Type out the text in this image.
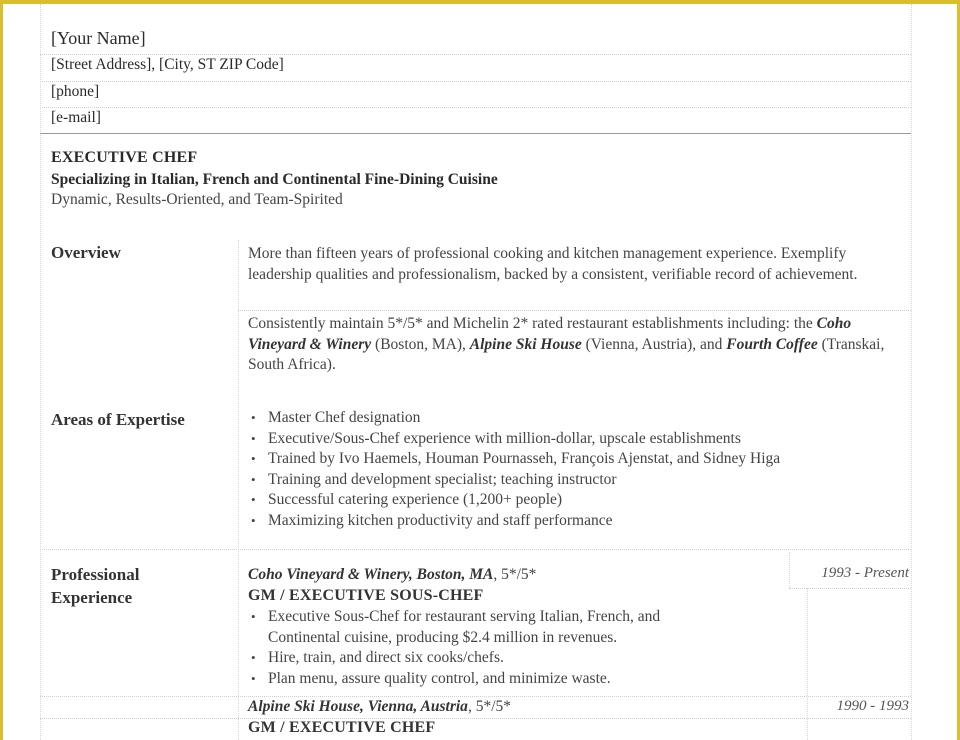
[Your Name]
[Street Address], [City, ST ZIP Code]
[phone]
[e-mail]
EXECUTIVE CHEF
Specializing in Italian, French and Continental Fine-Dining Cuisine
Dynamic, Results-Oriented, and Team-Spirited
Overview	More than fifteen years of professional cooking and kitchen management experience. Exemplify leadership qualities and professionalism, backed by a consistent, verifiable record of achievement.
Consistently maintain 5*/5* and Michelin 2* rated restaurant establishments including: the Coho Vineyard & Winery (Boston, MA), Alpine Ski House (Vienna, Austria), and Fourth Coffee (Transkai, South Africa).
Areas of Expertise
•	Master Chef designation
• Executive/Sous-Chef experience with million-dollar, upscale establishments
• Trained by Ivo Haemels, Houman Pournasseh, François Ajenstat, and Sidney Higa
• Training and development specialist; teaching instructor
• Successful catering experience (1,200+ people)
• Maximizing kitchen productivity and staff performance
Professional
Experience
Coho Vineyard & Winery, Boston, MA, 5*/5*	1993 - Present
GM / EXECUTIVE SOUS-CHEF
• Executive Sous-Chef for restaurant serving Italian, French, and
Continental cuisine, producing $2.4 million in revenues.
• Hire, train, and direct six cooks/chefs.
• Plan menu, assure quality control, and minimize waste.
Alpine Ski House, Vienna, Austria, 5*/5*	1990 - 1993
GM / EXECUTIVE CHEF
